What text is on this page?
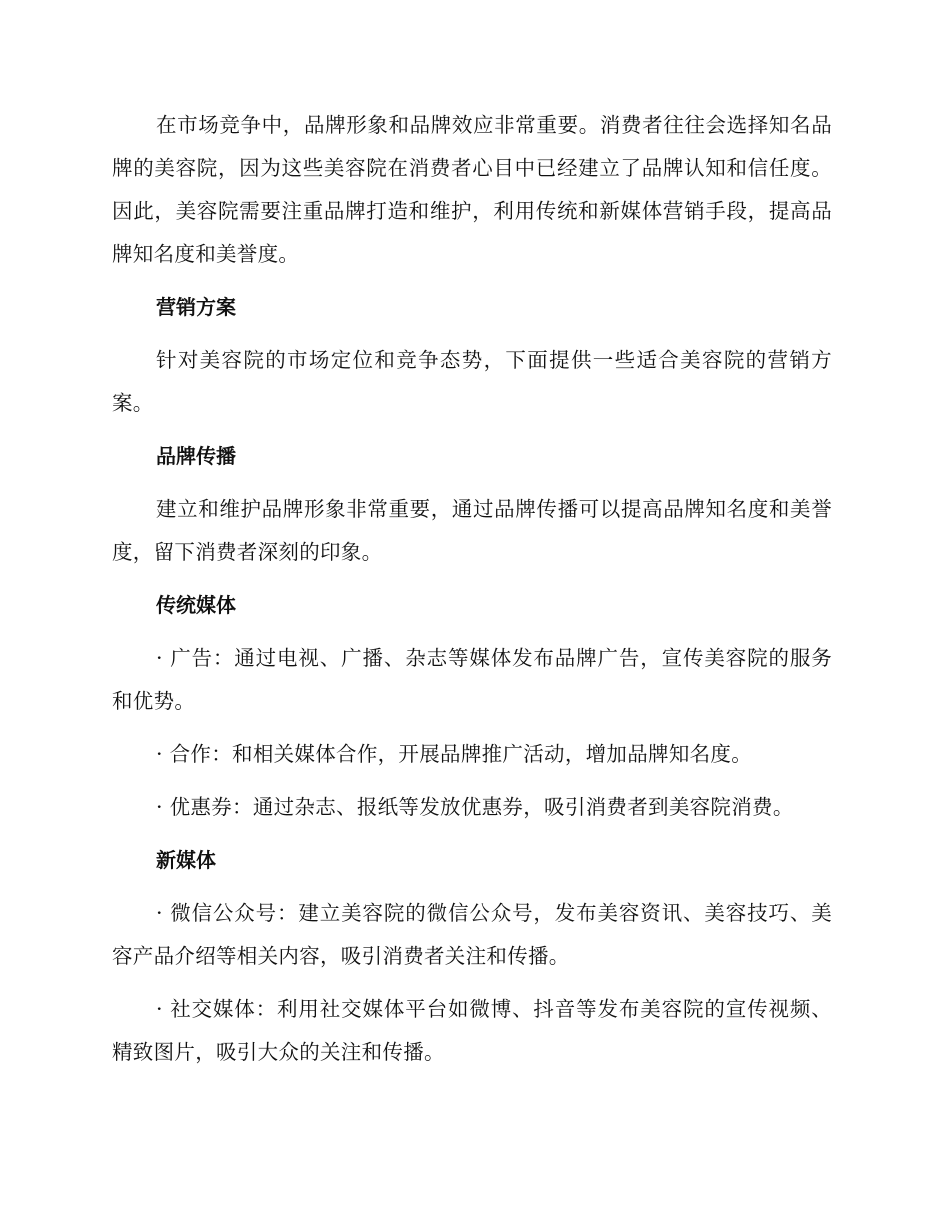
在市场竞争中，品牌形象和品牌效应非常重要。消费者往往会选择知名品牌的美容院，因为这些美容院在消费者心目中已经建立了品牌认知和信任度。因此，美容院需要注重品牌打造和维护，利用传统和新媒体营销手段，提高品牌知名度和美誉度。

营销方案

针对美容院的市场定位和竞争态势，下面提供一些适合美容院的营销方案。

品牌传播

建立和维护品牌形象非常重要，通过品牌传播可以提高品牌知名度和美誉度，留下消费者深刻的印象。

传统媒体

· 广告：通过电视、广播、杂志等媒体发布品牌广告，宣传美容院的服务和优势。

· 合作：和相关媒体合作，开展品牌推广活动，增加品牌知名度。

· 优惠券：通过杂志、报纸等发放优惠券，吸引消费者到美容院消费。

新媒体

· 微信公众号：建立美容院的微信公众号，发布美容资讯、美容技巧、美容产品介绍等相关内容，吸引消费者关注和传播。

· 社交媒体：利用社交媒体平台如微博、抖音等发布美容院的宣传视频、精致图片，吸引大众的关注和传播。
